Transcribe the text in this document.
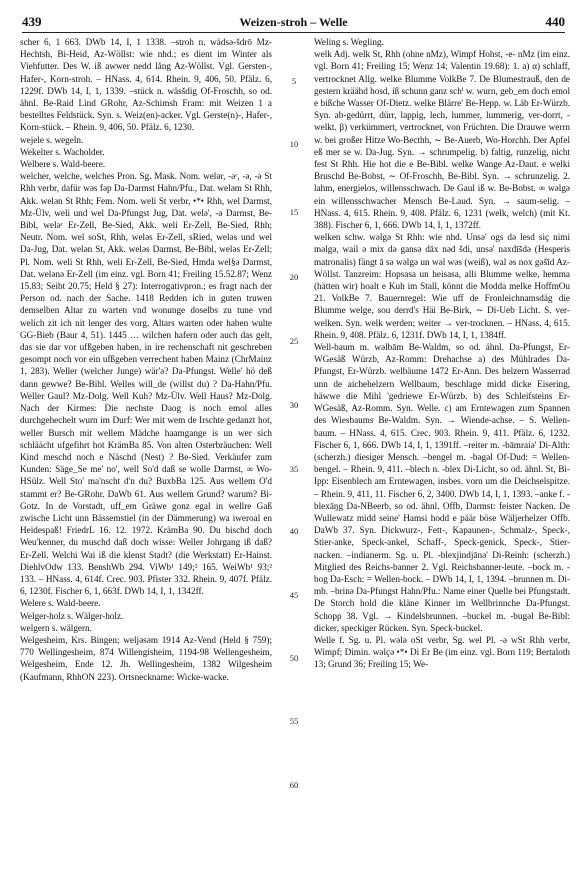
439	Weizen-stroh – Welle	440

scher 6, 1 663. DWb 14, I, 1 1338. –stroh n. wädsə-šdrō Mz-Hechtsh, Bi-Heid, Az-Wöllst: wie nhd.; es dient im Winter als Viehfutter. Des W. iß awwer nedd lång Az-Wöllst. Vgl. Gersten-, Hafer-, Korn-stroh. – HNass. 4, 614. Rhein. 9, 406, 50. Pfälz. 6, 1229f. DWb 14, I, 1, 1339. –stück n. wäsšdig Of-Froschh, so od. ähnl. Be-Raid Lind GRohr, Az-Schimsh Fram: mit Weizen 1 a bestelltes Feldstück. Syn. s. Weiz(en)-acker. Vgl. Gerste(n)-, Hafer-, Korn-stück. – Rhein. 9, 406, 50. Pfälz. 6, 1230.

wejele s. wegeln.

Wekelter s. Wacholder.

Welbere s. Wald-beere.

welcher, welche, welches Pron. Sg. Mask. Nom. welər, -əʳ, -ə, -ə St Rhh verbr, dafür wəs fəp Da-Darmst Hahn/Pfu., Dat. weləm St Rhh, Akk. welən St Rhh; Fem. Nom. weli St verbr, •*• Rhh, wel Darmst, Mz-Ülv, weli und wel Da-Pfungst Jug, Dat. welə', -ə Darmst, Be-Bibl, weləʳ Er-Zell, Be-Sied, Akk. weli Er-Zell, Be-Sied, Rhh; Neutr. Nom. wel soSt, Rhh, weləs Er-Zell, sRied, weləs und wel Da-Jug, Dat. welən St, Akk. weləs Darmst, Be-Bibl, weləs Er-Zell; Pl. Nom. weli St Rhh, weli Er-Zell, Be-Sied, Hmda wel§ə Darmst, Dat. welənə Er-Zell (im einz. vgl. Born 41; Freiling 15.52.87; Wenz 15.83; Seibt 20.75; Held § 27): Interrogativpron.; es fragt nach der Person od. nach der Sache. 1418 Redden ich in guten truwen demselben Altar zu warten vnd wonunge doselbs zu tune vnd welich zit ich nit lenger des vorg. Altars warten oder haben wulte GG-Bieb (Baur 4, 51). 1445 … wilchen hafern oder auch das gelt, das sie dar vor ufßgeben haben, in ire rechenschaft nit geschreben gesompt noch vor ein ufßgeben verrechent haben Mainz (ChrMainz 1, 283). Weller (welcher Junge) wär'ə? Da-Pfungst. Welle' hö deß dann gewwe? Be-Bibl. Welles will_de (willst du) ? Da-Hahn/Pfu. Weller Gaul? Mz-Dolg. Well Kuh? Mz-Ülv. Well Haus? Mz-Dolg. Nach der Kirmes: Die nechste Daog is noch emol alles durchgehechelt wurn im Durf: Wer mit wem de Irschte gedanzt hot, weller Bursch mit wellem Mädche haamgange is un wer sich schläächt ufgefihrt hot KrämBa 85. Von alten Osterbräuchen: Well Kind meschd noch e Näschd (Nest) ? Be-Sied. Verkäufer zum Kunden: Säge_Se me' no', well So'd daß se wolle Darmst, ∞ Wo-HSülz. Well Sto' ma'nscht d'n du? BuxbBa 125. Aus wellem O'd stammt er? Be-GRohr. DaWb 61. Aus wellem Grund? warum? Bi-Gotz. In de Vorstadt, uff_em Gräwe gonz egal in wellre Gaß zwische Licht unn Bässemstiel (in der Dämmerung) wa iweroal en Heidespaß! FriedrL 16. 12. 1972. KrämBa 90. Du bischd doch Weu'kenner, du muschd daß doch wisse: Weller Johrgang iß daß? Er-Zell. Welchi Wai iß die klenst Stadt? (die Werkstatt) Er-Hainst. DiehlvOdw 133. BenshWb 294. ViWb¹ 149;² 165. WeiWb¹ 93;² 133. – HNass. 4, 614f. Crec. 903. Pfister 332. Rhein. 9, 407f. Pfälz. 6, 1230f. Fischer 6, 1, 663f. DWb 14, I, 1, 1342ff.

Welere s. Wald-beere.

Welger-holz s. Wälger-holz.

welgern s. wälgern.

Welgesheim, Krs. Bingen; weljəsəm 1914 Az-Vend (Held § 759); 770 Wellingesheim, 874 Willengisheim, 1194-98 Wellengesheim, Welgesheim, Ende 12. Jh. Wellingesheim, 1382 Wilgesheim (Kaufmann, RhhON 223). Ortsneckname: Wicke-wacke.

5
10
15
20
25
30
35
40
45
50
55
60

Weling s. Wegling.

welk Adj. welk St, Rhh (ohne nMz), Wimpf Hohst, -e- nMz (im einz. vgl. Born 41; Freiling 15; Wenz 14; Valentin 19.68): 1. a) α) schlaff, vertrocknet Allg. welke Blumme VolkBe 7. De Blumestrauß, den de gestern kräähd hosd, iß schunn ganz schⁱ w. wurn, geb_em doch emol e bißche Wasser Of-Dietz. welke Blärre' Be-Hepp. w. Läb Er-Würzb. Syn. ab-gedürrt, dürr, lappig, lech, lummer, lummerig, ver-dorrt, -welkt. β) verkümmert, vertrocknet, von Früchten. Die Drauwe werrn w. bei großer Hitze Wo-Becthh, ∼ Be-Auerb, Wo-Horchh. Der Apfel eß mer se w. Da-Jug. Syn. → schrumpelig. b) faltig, runzelig, nicht fest St Rhh. Hie hot die e Be-Bibl. welke Wange Az-Daut. e welki Bruschd Be-Bobst, ∼ Of-Froschh, Be-Bibl. Syn. → schrunzelig. 2. lahm, energielos, willensschwach. De Gaul iß w. Be-Bobst. ∞ wəlgə ein willensschwacher Mensch Be-Laud. Syn. → saum-selig. – HNass. 4, 615. Rhein. 9, 408. Pfälz. 6, 1231 (welk, welch) (mit Kt. 388). Fischer 6, 1, 666. DWb 14, I, 1, 1372ff.

welken schw. wəlgə St Rhh: wie nhd. Unsə' ogs də lesd siç nimi məlgə, wail ə mix də gansə dāx nəd šdi, unsə' naxdīšdə (Hesperis matronalis) fängt ā sə wəlgə un wəl wəs (weiß), wal əs nox gəšīd Az-Wöllst. Tanzreim: Hopsasa un heisasa, alli Blumme welke, hemma (hätten wir) hoalt e Kuh im Stall, könnt die Modda melke HoffmOu 21. VolkBe 7. Bauernregel: Wie uff de Fronleichnamsdäg die Blumme welge, sou derrd's Häi Be-Birk, ∼ Di-Ueb Licht. S. ver-welken. Syn. welk werden; weiter → ver-trocknen. – HNass. 4, 615. Rhein. 9, 408. Pfälz. 6, 1231f. DWb 14, I, 1, 1384ff.

Well-baum m. wəlbām Be-Waldm, so od. ähnl. Da-Pfungst, Er-WGesäß Würzb, Az-Romm: Drehachse a) des Mühlrades Da-Pfungst, Er-Würzb. welbäume 1472 Er-Ann. Des helzern Wasserrad unn de aichehelzern Wellbaum, beschlage midd dicke Eisering, häwwe die Mihl 'gedriewe Er-Würzb. b) des Schleifsteins Er-WGesäß, Az-Romm. Syn. Welle. c) am Erntewagen zum Spannen des Wiesbaums Be-Waldm. Syn. → Wiende-achse. – S. Wellen-baum. – HNass. 4, 615. Crec. 903. Rhein. 9, 411. Pfälz. 6, 1232. Fischer 6, 1, 666. DWb 14, I, 1, 1391ff. –reiter m. -bāmraiə' Di-Alth: (scherzh.) diesiger Mensch. –bengel m. -bəgəl Of-Dud: = Wellen-bengel. – Rhein. 9, 411. –blech n. -blex Di-Licht, so od. ähnl. St, Bi-Ipp: Eisenblech am Erntewagen, insbes. vorn um die Deichselspitze. – Rhein. 9, 411, 11. Fischer 6, 2, 3400. DWb 14, I, 1, 1393. –anke f. -blexāŋg Da-NBeerb, so od. ähnl. Offb, Darmst: feister Nacken. De Wullewatz midd seine' Hamsi hodd e päär böse Wäljerhelzer Offb. DaWb 37. Syn. Dickwurz-, Fett-, Kapaunen-, Schmalz-, Speck-, Stier-anke, Speck-ankel, Schaff-, Speck-genick, Speck-, Stier-nacken. –indianerm. Sg. u. Pl. -blexjindjānə' Di-Reinh: (scherzh.) Mitglied des Reichs-banner 2. Vgl. Reichsbanner-leute. –bock m. -bog Da-Esch: = Wellen-bock. – DWb 14, I, 1, 1394. –brunnen m. Di-mb. –brinə Da-Pfungst Hahn/Pfu.: Name einer Quelle bei Pfungstadt. De Storch hold die kläne Kinner im Wellbrinnche Da-Pfungst. Schopp 38. Vgl. → Kindelsbrunnen. –buckel m. -bugəl Be-Bibl: dicker, speckiger Rücken. Syn. Speck-buckel.

Welle f. Sg. u. Pl. wələ oSt verbr, Sg. wel Pl. -ə wSt Rhh verbr, Wimpf; Dimin. wəlçə •*• Di Er Be (im einz. vgl. Born 119; Bertaloth 13; Grund 36; Freiling 15; We-
